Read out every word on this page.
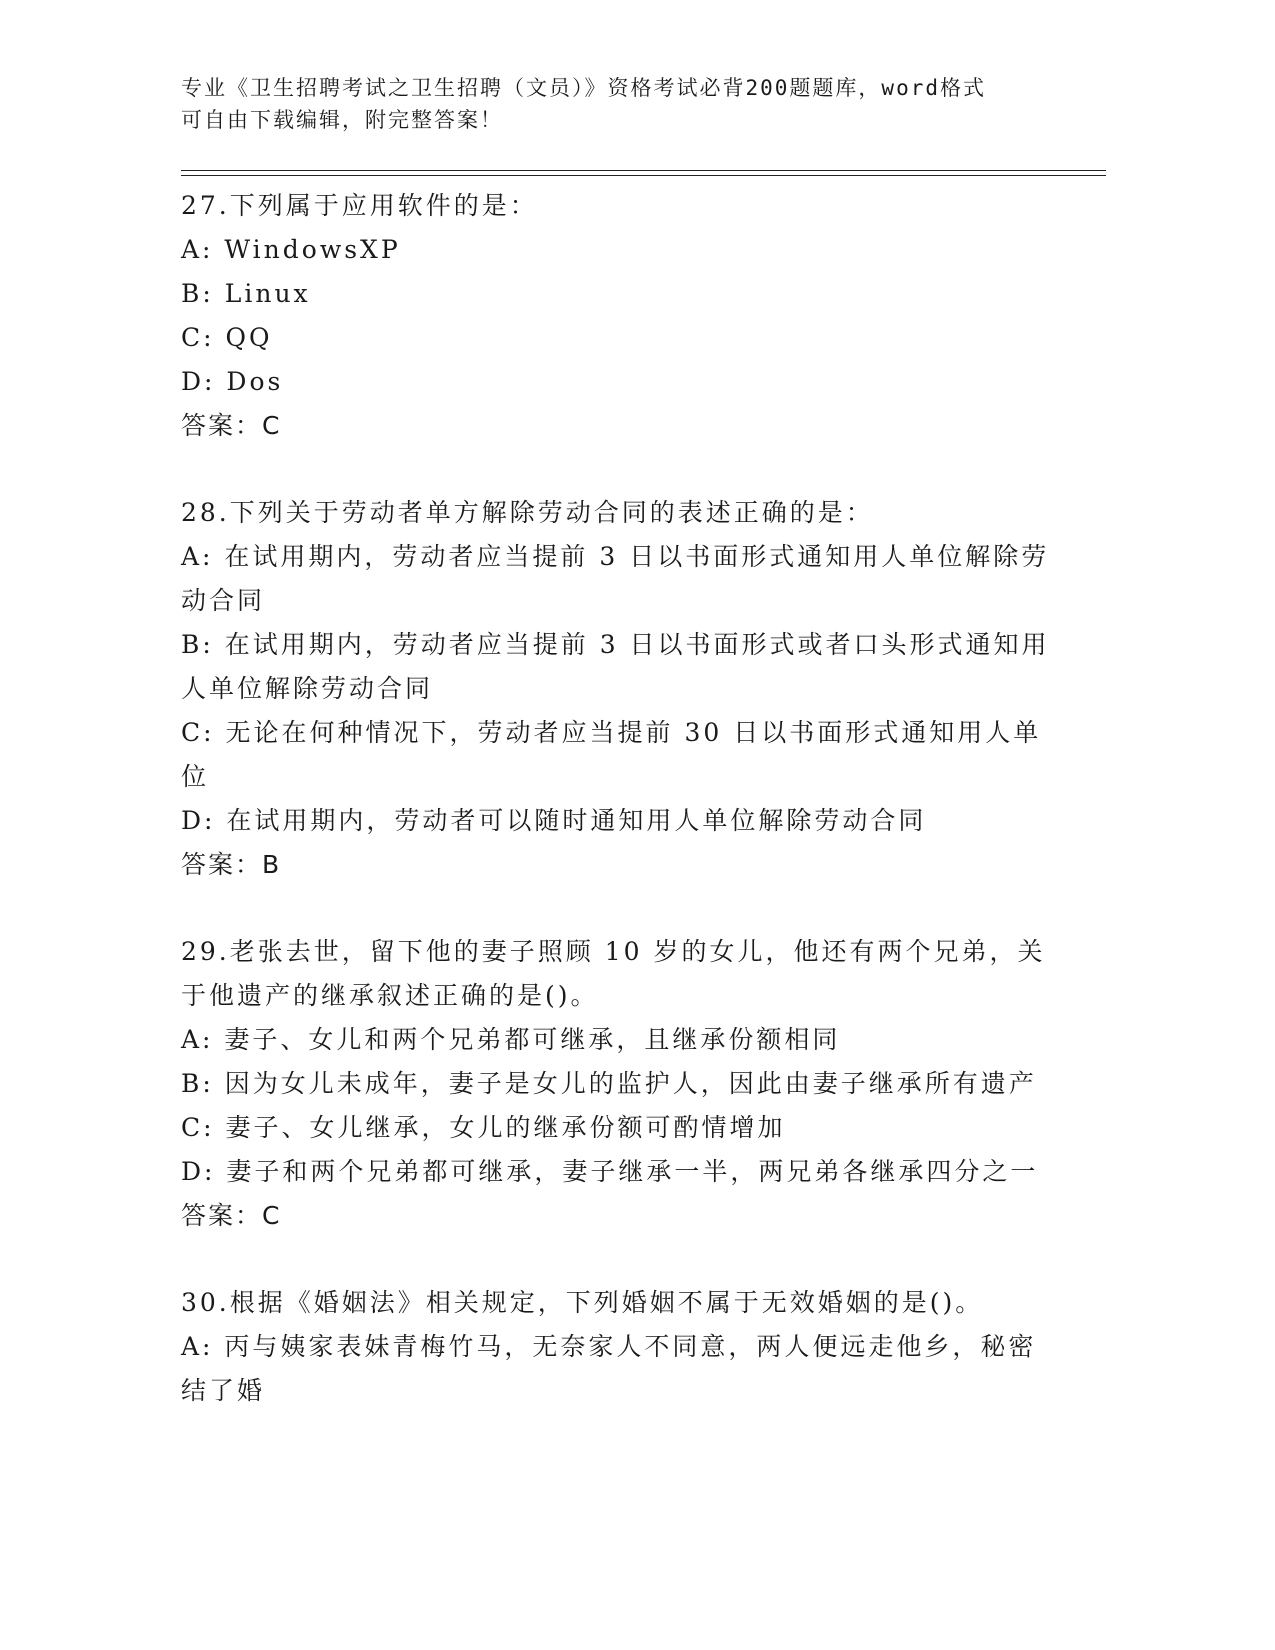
专业《卫生招聘考试之卫生招聘（文员）》资格考试必背200题题库，word格式
可自由下载编辑，附完整答案！
27.下列属于应用软件的是：
A: WindowsXP
B: Linux
C: QQ
D: Dos
答案：C
28.下列关于劳动者单方解除劳动合同的表述正确的是：
A: 在试用期内，劳动者应当提前 3 日以书面形式通知用人单位解除劳
动合同
B: 在试用期内，劳动者应当提前 3 日以书面形式或者口头形式通知用
人单位解除劳动合同
C: 无论在何种情况下，劳动者应当提前 30 日以书面形式通知用人单
位
D: 在试用期内，劳动者可以随时通知用人单位解除劳动合同
答案：B
29.老张去世，留下他的妻子照顾 10 岁的女儿，他还有两个兄弟，关
于他遗产的继承叙述正确的是()。
A: 妻子、女儿和两个兄弟都可继承，且继承份额相同
B: 因为女儿未成年，妻子是女儿的监护人，因此由妻子继承所有遗产
C: 妻子、女儿继承，女儿的继承份额可酌情增加
D: 妻子和两个兄弟都可继承，妻子继承一半，两兄弟各继承四分之一
答案：C
30.根据《婚姻法》相关规定，下列婚姻不属于无效婚姻的是()。
A: 丙与姨家表妹青梅竹马，无奈家人不同意，两人便远走他乡，秘密
结了婚
